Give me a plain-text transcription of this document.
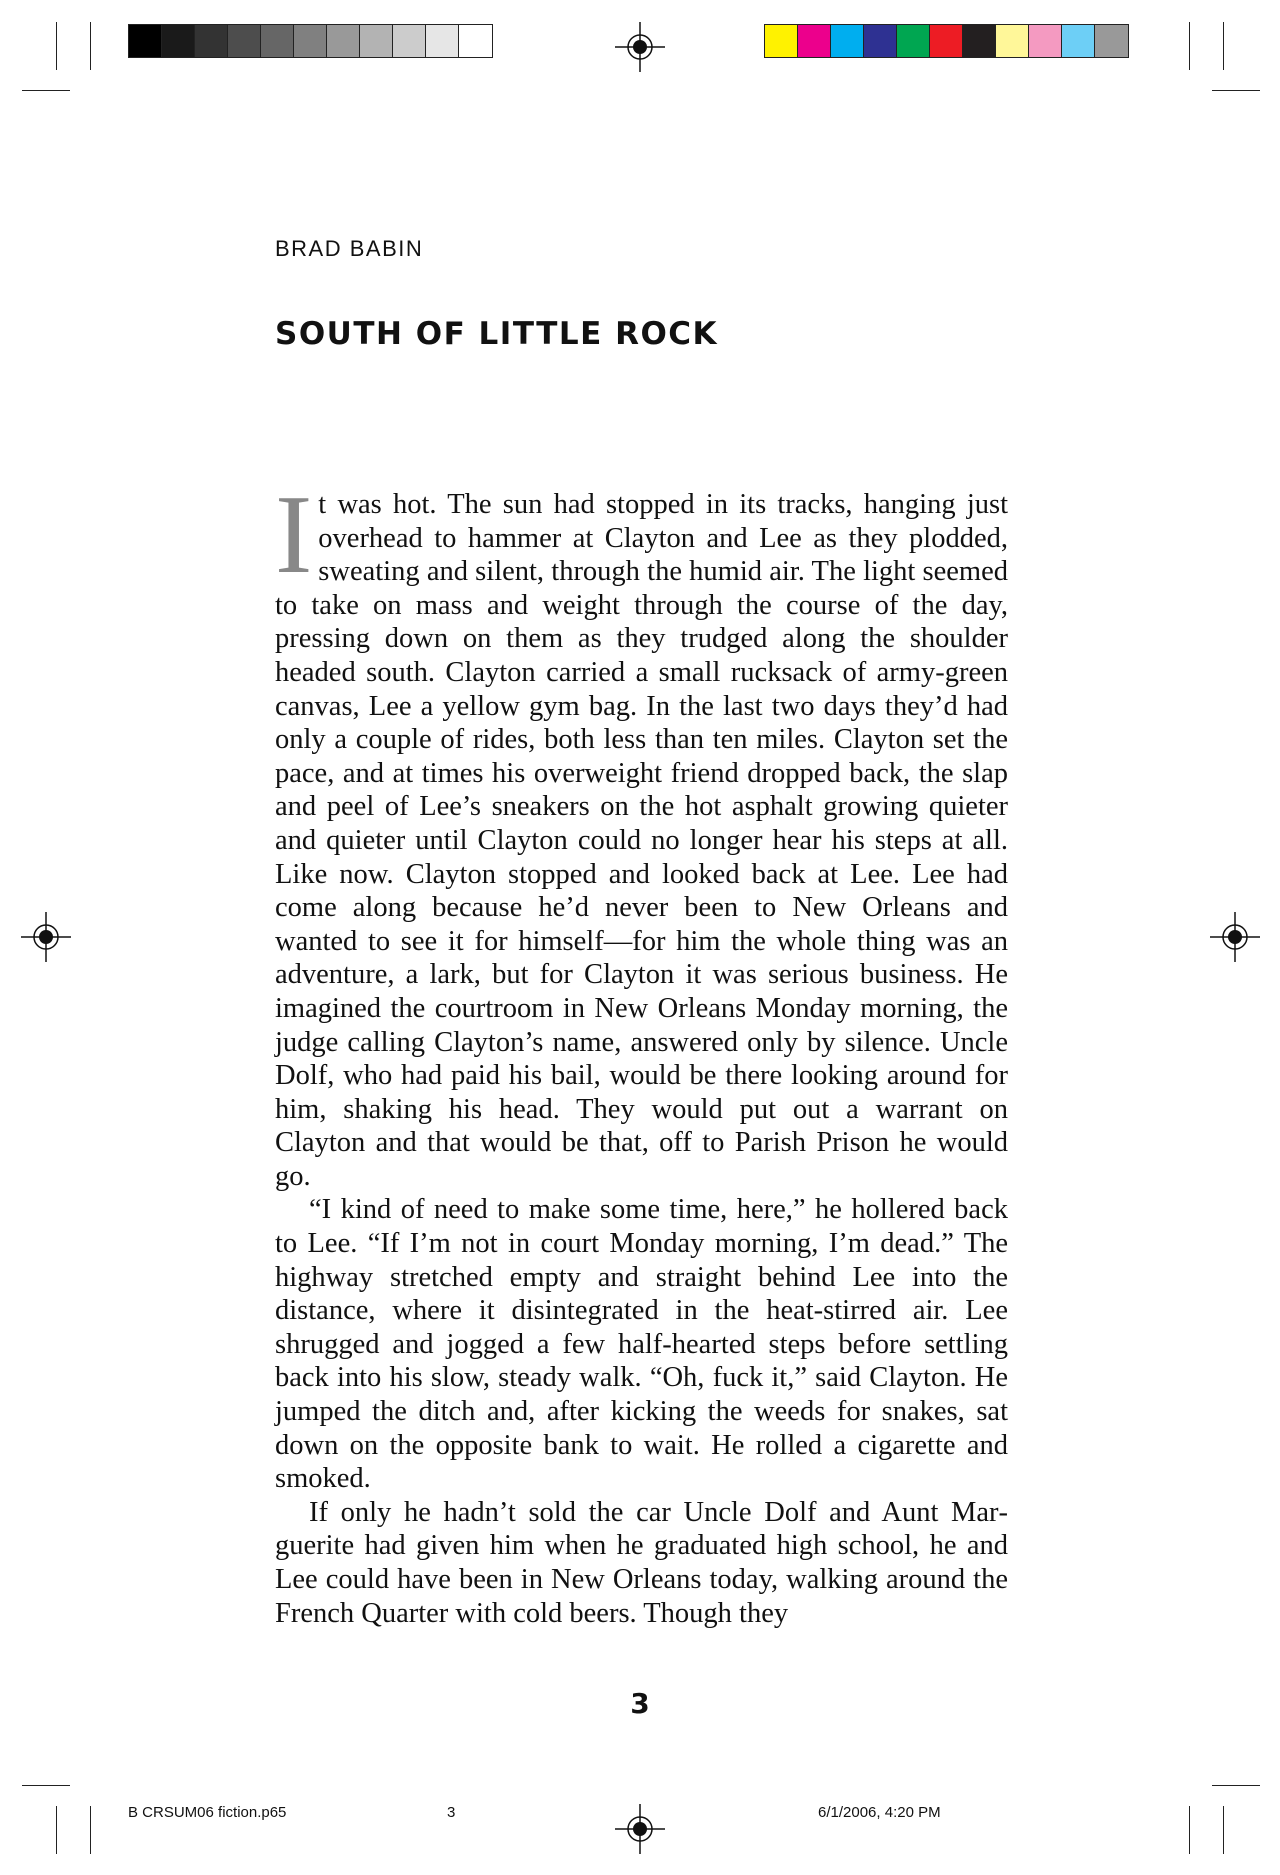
BRAD BABIN
SOUTH OF LITTLE ROCK

It was hot. The sun had stopped in its tracks, hanging just overhead to hammer at Clayton and Lee as they plodded, sweating and silent, through the humid air. The light seemed to take on mass and weight through the course of the day, pressing down on them as they trudged along the shoulder headed south. Clayton carried a small rucksack of army-green canvas, Lee a yellow gym bag. In the last two days they’d had only a couple of rides, both less than ten miles. Clayton set the pace, and at times his overweight friend dropped back, the slap and peel of Lee’s sneakers on the hot asphalt growing quieter and quieter until Clayton could no longer hear his steps at all. Like now. Clayton stopped and looked back at Lee. Lee had come along because he’d never been to New Orleans and wanted to see it for himself—for him the whole thing was an adventure, a lark, but for Clayton it was serious business. He imagined the courtroom in New Orleans Monday morning, the judge calling Clayton’s name, answered only by silence. Uncle Dolf, who had paid his bail, would be there looking around for him, shaking his head. They would put out a warrant on Clayton and that would be that, off to Parish Prison he would go.

“I kind of need to make some time, here,” he hollered back to Lee. “If I’m not in court Monday morning, I’m dead.” The highway stretched empty and straight behind Lee into the distance, where it disintegrated in the heat-stirred air. Lee shrugged and jogged a few half-hearted steps before settling back into his slow, steady walk. “Oh, fuck it,” said Clayton. He jumped the ditch and, after kicking the weeds for snakes, sat down on the opposite bank to wait. He rolled a cigarette and smoked.

If only he hadn’t sold the car Uncle Dolf and Aunt Marguerite had given him when he graduated high school, he and Lee could have been in New Orleans today, walking around the French Quarter with cold beers. Though they

3
B CRSUM06 fiction.p65	3	6/1/2006, 4:20 PM
